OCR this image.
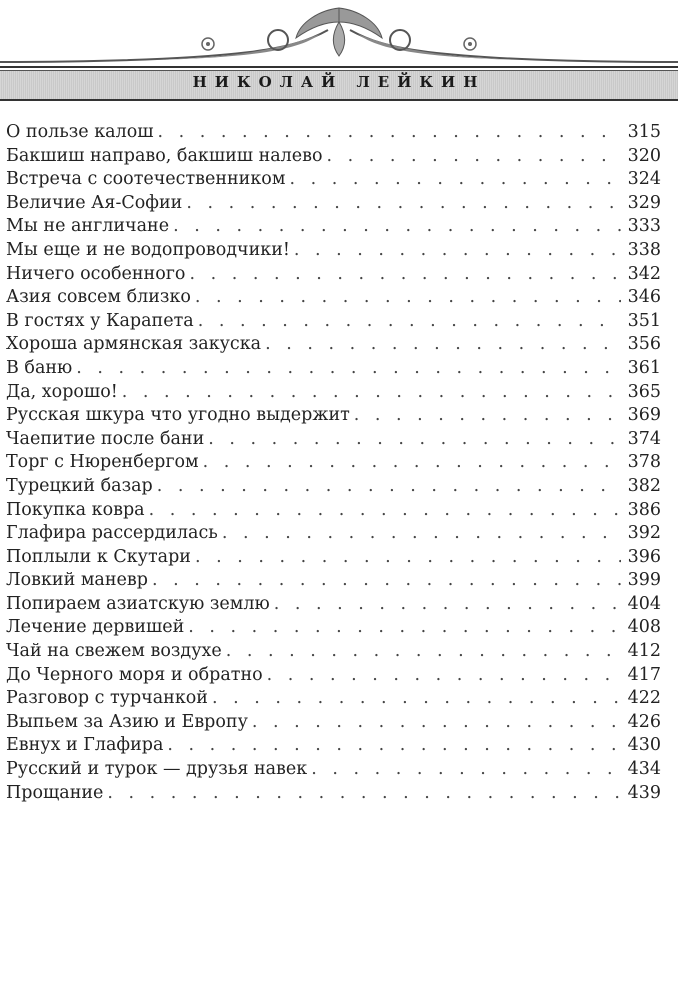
НИКОЛАЙ ЛЕЙКИН
О пользе калош . . .	315
Бакшиш направо, бакшиш налево . . .	320
Встреча с соотечественником . . .	324
Величие Ая-Софии . . .	329
Мы не англичане . . .	333
Мы еще и не водопроводчики! . . .	338
Ничего особенного . . .	342
Азия совсем близко . . .	346
В гостях у Карапета . . .	351
Хороша армянская закуска . . .	356
В баню . . .	361
Да, хорошо! . . .	365
Русская шкура что угодно выдержит . . .	369
Чаепитие после бани . . .	374
Торг с Нюренбергом . . .	378
Турецкий базар . . .	382
Покупка ковра . . .	386
Глафира рассердилась . . .	392
Поплыли к Скутари . . .	396
Ловкий маневр . . .	399
Попираем азиатскую землю . . .	404
Лечение дервишей . . .	408
Чай на свежем воздухе . . .	412
До Черного моря и обратно . . .	417
Разговор с турчанкой . . .	422
Выпьем за Азию и Европу . . .	426
Евнух и Глафира . . .	430
Русский и турок — друзья навек . . .	434
Прощание . . .	439
